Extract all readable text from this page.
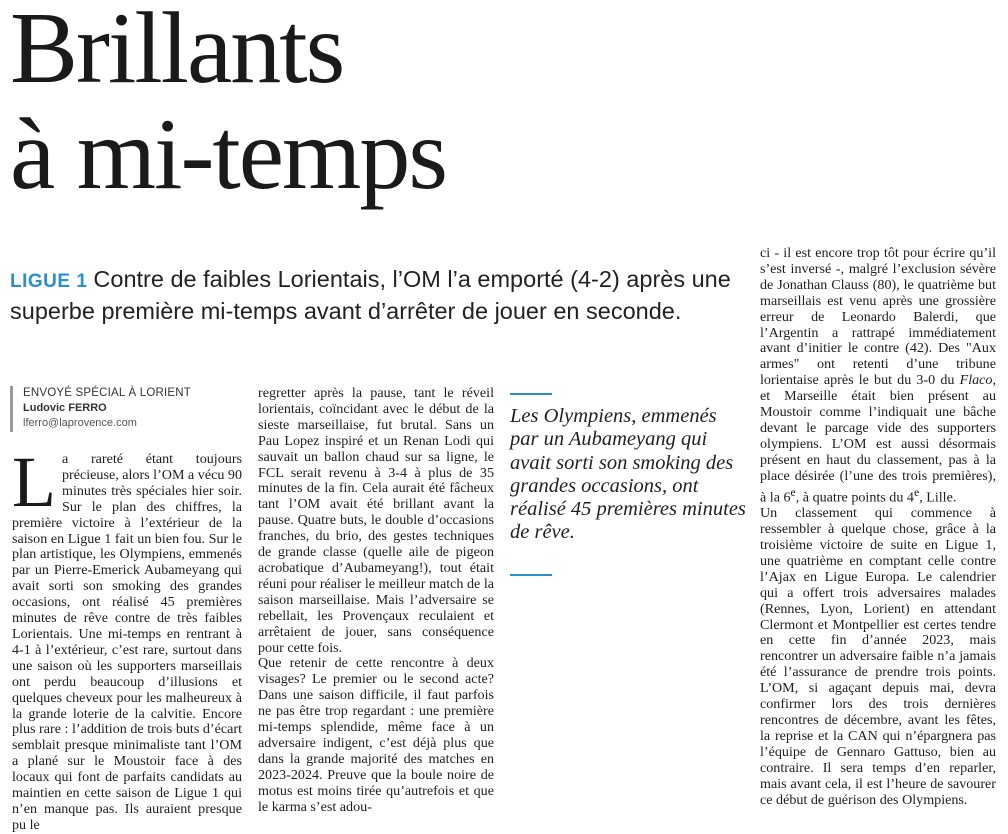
Brillants
à mi-temps
LIGUE 1 Contre de faibles Lorientais, l’OM l’a emporté (4-2) après une superbe première mi-temps avant d’arrêter de jouer en seconde.
ENVOYÉ SPÉCIAL À LORIENT
Ludovic FERRO
lferro@laprovence.com

La rareté étant toujours précieuse, alors l’OM a vécu 90 minutes très spéciales hier soir. Sur le plan des chiffres, la première victoire à l’extérieur de la saison en Ligue 1 fait un bien fou. Sur le plan artistique, les Olympiens, emmenés par un Pierre-Emerick Aubameyang qui avait sorti son smoking des grandes occasions, ont réalisé 45 premières minutes de rêve contre de très faibles Lorientais. Une mi-temps en rentrant à 4-1 à l’extérieur, c’est rare, surtout dans une saison où les supporters marseillais ont perdu beaucoup d’illusions et quelques cheveux pour les malheureux à la grande loterie de la calvitie. Encore plus rare : l’addition de trois buts d’écart semblait presque minimaliste tant l’OM a plané sur le Moustoir face à des locaux qui font de parfaits candidats au maintien en cette saison de Ligue 1 qui n’en manque pas. Ils auraient presque pu le

regretter après la pause, tant le réveil lorientais, coïncidant avec le début de la sieste marseillaise, fut brutal. Sans un Pau Lopez inspiré et un Renan Lodi qui sauvait un ballon chaud sur sa ligne, le FCL serait revenu à 3-4 à plus de 35 minutes de la fin. Cela aurait été fâcheux tant l’OM avait été brillant avant la pause. Quatre buts, le double d’occasions franches, du brio, des gestes techniques de grande classe (quelle aile de pigeon acrobatique d’Aubameyang!), tout était réuni pour réaliser le meilleur match de la saison marseillaise. Mais l’adversaire se rebellait, les Provençaux reculaient et arrêtaient de jouer, sans conséquence pour cette fois.

Que retenir de cette rencontre à deux visages? Le premier ou le second acte? Dans une saison difficile, il faut parfois ne pas être trop regardant : une première mi-temps splendide, même face à un adversaire indigent, c’est déjà plus que dans la grande majorité des matches en 2023-2024. Preuve que la boule noire de motus est moins tirée qu’autrefois et que le karma s’est adou-

Les Olympiens, emmenés par un Aubameyang qui avait sorti son smoking des grandes occasions, ont réalisé 45 premières minutes de rêve.

ci - il est encore trop tôt pour écrire qu’il s’est inversé -, malgré l’exclusion sévère de Jonathan Clauss (80), le quatrième but marseillais est venu après une grossière erreur de Leonardo Balerdi, que l’Argentin a rattrapé immédiatement avant d’initier le contre (42). Des "Aux armes" ont retenti d’une tribune lorientaise après le but du 3-0 du Flaco, et Marseille était bien présent au Moustoir comme l’indiquait une bâche devant le parcage vide des supporters olympiens. L’OM est aussi désormais présent en haut du classement, pas à la place désirée (l’une des trois premières), à la 6e, à quatre points du 4e, Lille.

Un classement qui commence à ressembler à quelque chose, grâce à la troisième victoire de suite en Ligue 1, une quatrième en comptant celle contre l’Ajax en Ligue Europa. Le calendrier qui a offert trois adversaires malades (Rennes, Lyon, Lorient) en attendant Clermont et Montpellier est certes tendre en cette fin d’année 2023, mais rencontrer un adversaire faible n’a jamais été l’assurance de prendre trois points. L’OM, si agaçant depuis mai, devra confirmer lors des trois dernières rencontres de décembre, avant les fêtes, la reprise et la CAN qui n’épargnera pas l’équipe de Gennaro Gattuso, bien au contraire. Il sera temps d’en reparler, mais avant cela, il est l’heure de savourer ce début de guérison des Olympiens.
